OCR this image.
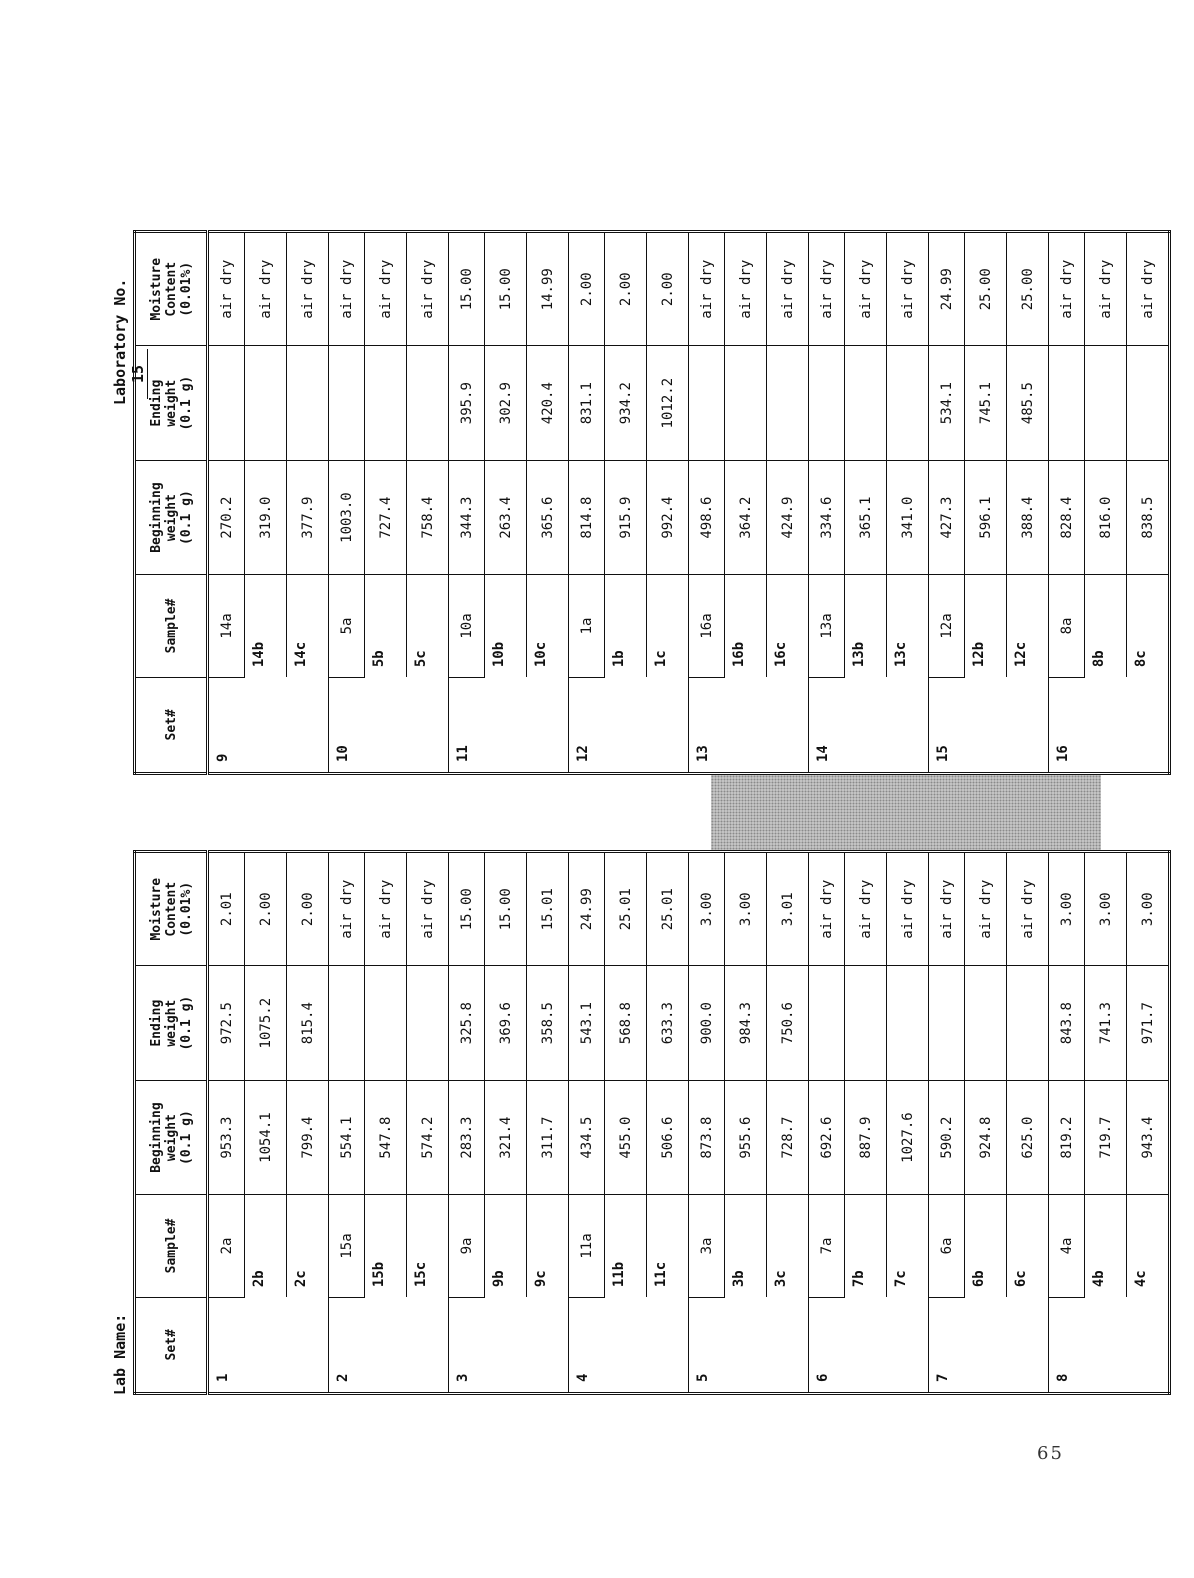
Lab Name:
Laboratory No. 15
Set#	Sample#	Beginning
weight
(0.1 g)	Ending
weight
(0.1 g)	Moisture
Content
(0.01%)
1	2a	953.3	972.5	2.01
	2b	1054.1	1075.2	2.00
	2c	799.4	815.4	2.00
2	15a	554.1		air dry
	15b	547.8		air dry
	15c	574.2		air dry
3	9a	283.3	325.8	15.00
	9b	321.4	369.6	15.00
	9c	311.7	358.5	15.01
4	11a	434.5	543.1	24.99
	11b	455.0	568.8	25.01
	11c	506.6	633.3	25.01
5	3a	873.8	900.0	3.00
	3b	955.6	984.3	3.00
	3c	728.7	750.6	3.01
6	7a	692.6		air dry
	7b	887.9		air dry
	7c	1027.6		air dry
7	6a	590.2		air dry
	6b	924.8		air dry
	6c	625.0		air dry
8	4a	819.2	843.8	3.00
	4b	719.7	741.3	3.00
	4c	943.4	971.7	3.00
Set#	Sample#	Beginning
weight
(0.1 g)	Ending
weight
(0.1 g)	Moisture
Content
(0.01%)
9	14a	270.2		air dry
	14b	319.0		air dry
	14c	377.9		air dry
10	5a	1003.0		air dry
	5b	727.4		air dry
	5c	758.4		air dry
11	10a	344.3	395.9	15.00
	10b	263.4	302.9	15.00
	10c	365.6	420.4	14.99
12	1a	814.8	831.1	2.00
	1b	915.9	934.2	2.00
	1c	992.4	1012.2	2.00
13	16a	498.6		air dry
	16b	364.2		air dry
	16c	424.9		air dry
14	13a	334.6		air dry
	13b	365.1		air dry
	13c	341.0		air dry
15	12a	427.3	534.1	24.99
	12b	596.1	745.1	25.00
	12c	388.4	485.5	25.00
16	8a	828.4		air dry
	8b	816.0		air dry
	8c	838.5		air dry
65
